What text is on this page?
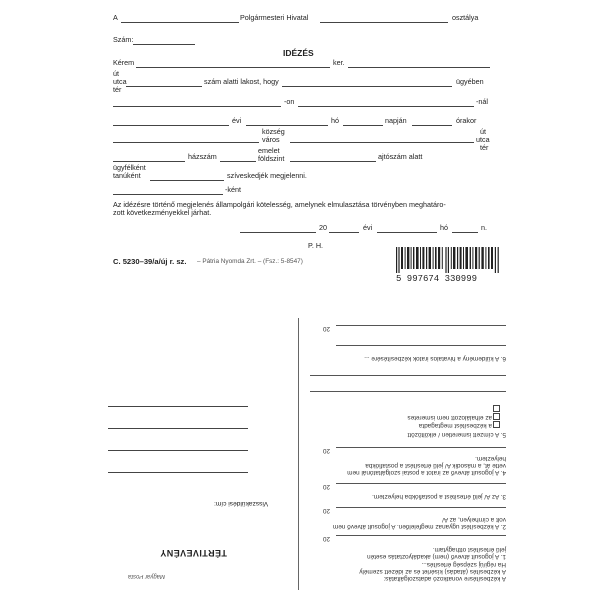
A	Polgármesteri Hivatal	osztálya
Szám:
IDÉZÉS
Kérem	ker.
út
utca
tér
szám alatti lakost, hogy	ügyében
-on	-nál
évi	hó	napján	órakor
község
város
út
utca
tér
házszám
emelet
földszint	ajtószám alatt
ügyfélként
tanúként	szíveskedjék megjelenni.
-ként
Az idézésre történő megjelenés állampolgári kötelesség, amelynek elmulasztása törvényben meghatáro-
zott következményekkel járhat.
20	évi	hó	n.
P. H.
C. 5230–39/a/új r. sz. – Pátria Nyomda Zrt. – (Fsz.: 5-8547)
5 997674 330999
Visszaküldési cím:
TÉRTIVEVÉNY
Magyar Posta	A kézbesítésre vonatkozó adatszolgáltatás:
A kézbesítés (átadás) kísérlet és az idézett személy
Ha régi/új szépség értesítés...
1. A jogosult átvevő (nem) akadályoztatás esetén
jelű értesítést otthagytam.
20
2. A kézbesítést ugyanaz megfelelően. A jogosult átvevő nem
volt a címhelyen, az A/
20
3. Az A/ jelű értesítést a postafiókba helyeztem.
20
4. A jogosult átvevő az iratot a postai szolgáltatónál nem
vette át, a második A/ jelű értesítést a postafiókba
helyeztem.
20
5. A címzett ismeretlen / elköltözött
a kézbesítést megtagadta
az elhalálozott nem ismeretes
6. A küldemény a hivatalos iratok kézbesítésére ...
20
